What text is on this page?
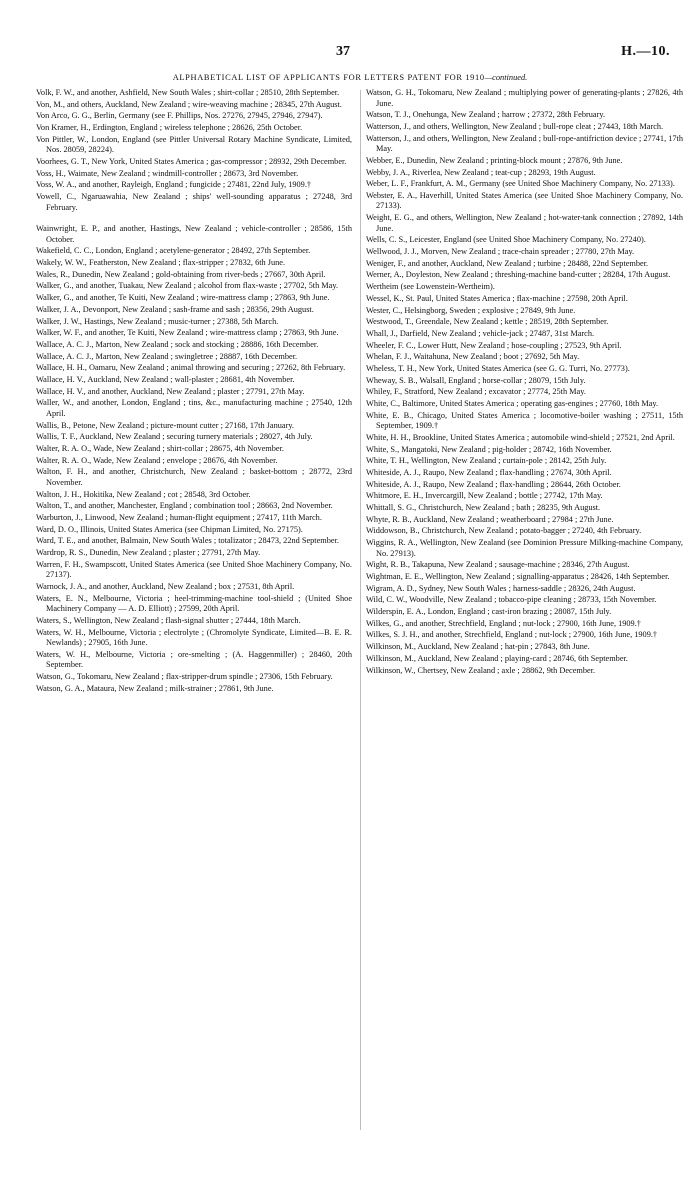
37	H.—10.
ALPHABETICAL LIST OF APPLICANTS FOR LETTERS PATENT FOR 1910—continued.

Volk, F. W., and another, Ashfield, New South Wales ; shirt-collar ; 28510, 28th September.

Von, M., and others, Auckland, New Zealand ; wire-weaving machine ; 28345, 27th August.

Von Arco, G. G., Berlin, Germany (see F. Phillips, Nos. 27276, 27945, 27946, 27947).

Von Kramer, H., Erdington, England ; wireless telephone ; 28626, 25th October.

Von Pittler, W., London, England (see Pittler Universal Rotary Machine Syndicate, Limited, Nos. 28059, 28224).

Voorhees, G. T., New York, United States America ; gas-compressor ; 28932, 29th December.

Voss, H., Waimate, New Zealand ; windmill-controller ; 28673, 3rd November.

Voss, W. A., and another, Rayleigh, England ; fungicide ; 27481, 22nd July, 1909.†

Vowell, C., Ngaruawahia, New Zealand ; ships' well-sounding apparatus ; 27248, 3rd February.

Wainwright, E. P., and another, Hastings, New Zealand ; vehicle-controller ; 28586, 15th October.

Wakefield, C. C., London, England ; acetylene-generator ; 28492, 27th September.

Wakely, W. W., Featherston, New Zealand ; flax-stripper ; 27832, 6th June.

Wales, R., Dunedin, New Zealand ; gold-obtaining from river-beds ; 27667, 30th April.

Walker, G., and another, Tuakau, New Zealand ; alcohol from flax-waste ; 27702, 5th May.

Walker, G., and another, Te Kuiti, New Zealand ; wire-mattress clamp ; 27863, 9th June.

Walker, J. A., Devonport, New Zealand ; sash-frame and sash ; 28356, 29th August.

Walker, J. W., Hastings, New Zealand ; music-turner ; 27388, 5th March.

Walker, W. F., and another, Te Kuiti, New Zealand ; wire-mattress clamp ; 27863, 9th June.

Wallace, A. C. J., Marton, New Zealand ; sock and stocking ; 28886, 16th December.

Wallace, A. C. J., Marton, New Zealand ; swingletree ; 28887, 16th December.

Wallace, H. H., Oamaru, New Zealand ; animal throwing and securing ; 27262, 8th February.

Wallace, H. V., Auckland, New Zealand ; wall-plaster ; 28681, 4th November.

Wallace, H. V., and another, Auckland, New Zealand ; plaster ; 27791, 27th May.

Waller, W., and another, London, England ; tins, &c., manufacturing machine ; 27540, 12th April.

Wallis, B., Petone, New Zealand ; picture-mount cutter ; 27168, 17th January.

Wallis, T. F., Auckland, New Zealand ; securing turnery materials ; 28027, 4th July.

Walter, R. A. O., Wade, New Zealand ; shirt-collar ; 28675, 4th November.

Walter, R. A. O., Wade, New Zealand ; envelope ; 28676, 4th November.

Walton, F. H., and another, Christchurch, New Zealand ; basket-bottom ; 28772, 23rd November.

Walton, J. H., Hokitika, New Zealand ; cot ; 28548, 3rd October.

Walton, T., and another, Manchester, England ; combination tool ; 28663, 2nd November.

Warburton, J., Linwood, New Zealand ; human-flight equipment ; 27417, 11th March.

Ward, D. O., Illinois, United States America (see Chipman Limited, No. 27175).

Ward, T. E., and another, Balmain, New South Wales ; totalizator ; 28473, 22nd September.

Wardrop, R. S., Dunedin, New Zealand ; plaster ; 27791, 27th May.

Warren, F. H., Swampscott, United States America (see United Shoe Machinery Company, No. 27137).

Warnock, J. A., and another, Auckland, New Zealand ; box ; 27531, 8th April.

Waters, E. N., Melbourne, Victoria ; heel-trimming-machine tool-shield ; (United Shoe Machinery Company — A. D. Elliott) ; 27599, 20th April.

Waters, S., Wellington, New Zealand ; flash-signal shutter ; 27444, 18th March.

Waters, W. H., Melbourne, Victoria ; electrolyte ; (Chromolyte Syndicate, Limited—B. E. R. Newlands) ; 27905, 16th June.

Waters, W. H., Melbourne, Victoria ; ore-smelting ; (A. Haggenmiller) ; 28460, 20th September.

Watson, G., Tokomaru, New Zealand ; flax-stripper-drum spindle ; 27306, 15th February.

Watson, G. A., Mataura, New Zealand ; milk-strainer ; 27861, 9th June.

Watson, G. H., Tokomaru, New Zealand ; multiplying power of generating-plants ; 27826, 4th June.

Watson, T. J., Onehunga, New Zealand ; harrow ; 27372, 28th February.

Watterson, J., and others, Wellington, New Zealand ; bull-rope cleat ; 27443, 18th March.

Watterson, J., and others, Wellington, New Zealand ; bull-rope-antifriction device ; 27741, 17th May.

Webber, E., Dunedin, New Zealand ; printing-block mount ; 27876, 9th June.

Webby, J. A., Riverlea, New Zealand ; teat-cup ; 28293, 19th August.

Weber, L. F., Frankfurt, A. M., Germany (see United Shoe Machinery Company, No. 27133).

Webster, E. A., Haverhill, United States America (see United Shoe Machinery Company, No. 27133).

Weight, E. G., and others, Wellington, New Zealand ; hot-water-tank connection ; 27892, 14th June.

Wells, C. S., Leicester, England (see United Shoe Machinery Company, No. 27240).

Wellwood, J. J., Morven, New Zealand ; trace-chain spreader ; 27780, 27th May.

Weniger, F., and another, Auckland, New Zealand ; turbine ; 28488, 22nd September.

Werner, A., Doyleston, New Zealand ; threshing-machine band-cutter ; 28284, 17th August.

Wertheim (see Lowenstein-Wertheim).

Wessel, K., St. Paul, United States America ; flax-machine ; 27598, 20th April.

Wester, C., Helsingborg, Sweden ; explosive ; 27849, 9th June.

Westwood, T., Greendale, New Zealand ; kettle ; 28519, 28th September.

Whall, J., Darfield, New Zealand ; vehicle-jack ; 27487, 31st March.

Wheeler, F. C., Lower Hutt, New Zealand ; hose-coupling ; 27523, 9th April.

Whelan, F. J., Waitahuna, New Zealand ; boot ; 27692, 5th May.

Wheless, T. H., New York, United States America (see G. G. Turri, No. 27773).

Wheway, S. B., Walsall, England ; horse-collar ; 28079, 15th July.

Whiley, F., Stratford, New Zealand ; excavator ; 27774, 25th May.

White, C., Baltimore, United States America ; operating gas-engines ; 27760, 18th May.

White, E. B., Chicago, United States America ; locomotive-boiler washing ; 27511, 15th September, 1909.†

White, H. H., Brookline, United States America ; automobile wind-shield ; 27521, 2nd April.

White, S., Mangatoki, New Zealand ; pig-holder ; 28742, 16th November.

White, T. H., Wellington, New Zealand ; curtain-pole ; 28142, 25th July.

Whiteside, A. J., Raupo, New Zealand ; flax-handling ; 27674, 30th April.

Whiteside, A. J., Raupo, New Zealand ; flax-handling ; 28644, 26th October.

Whitmore, E. H., Invercargill, New Zealand ; bottle ; 27742, 17th May.

Whittall, S. G., Christchurch, New Zealand ; bath ; 28235, 9th August.

Whyte, R. B., Auckland, New Zealand ; weatherboard ; 27984 ; 27th June.

Widdowson, B., Christchurch, New Zealand ; potato-bagger ; 27240, 4th February.

Wiggins, R. A., Wellington, New Zealand (see Dominion Pressure Milking-machine Company, No. 27913).

Wight, R. B., Takapuna, New Zealand ; sausage-machine ; 28346, 27th August.

Wightman, E. E., Wellington, New Zealand ; signalling-apparatus ; 28426, 14th September.

Wigram, A. D., Sydney, New South Wales ; harness-saddle ; 28326, 24th August.

Wild, C. W., Woodville, New Zealand ; tobacco-pipe cleaning ; 28733, 15th November.

Wilderspin, E. A., London, England ; cast-iron brazing ; 28087, 15th July.

Wilkes, G., and another, Strechfield, England ; nut-lock ; 27900, 16th June, 1909.†

Wilkes, S. J. H., and another, Strechfield, England ; nut-lock ; 27900, 16th June, 1909.†

Wilkinson, M., Auckland, New Zealand ; hat-pin ; 27843, 8th June.

Wilkinson, M., Auckland, New Zealand ; playing-card ; 28746, 6th September.

Wilkinson, W., Chertsey, New Zealand ; axle ; 28862, 9th December.
